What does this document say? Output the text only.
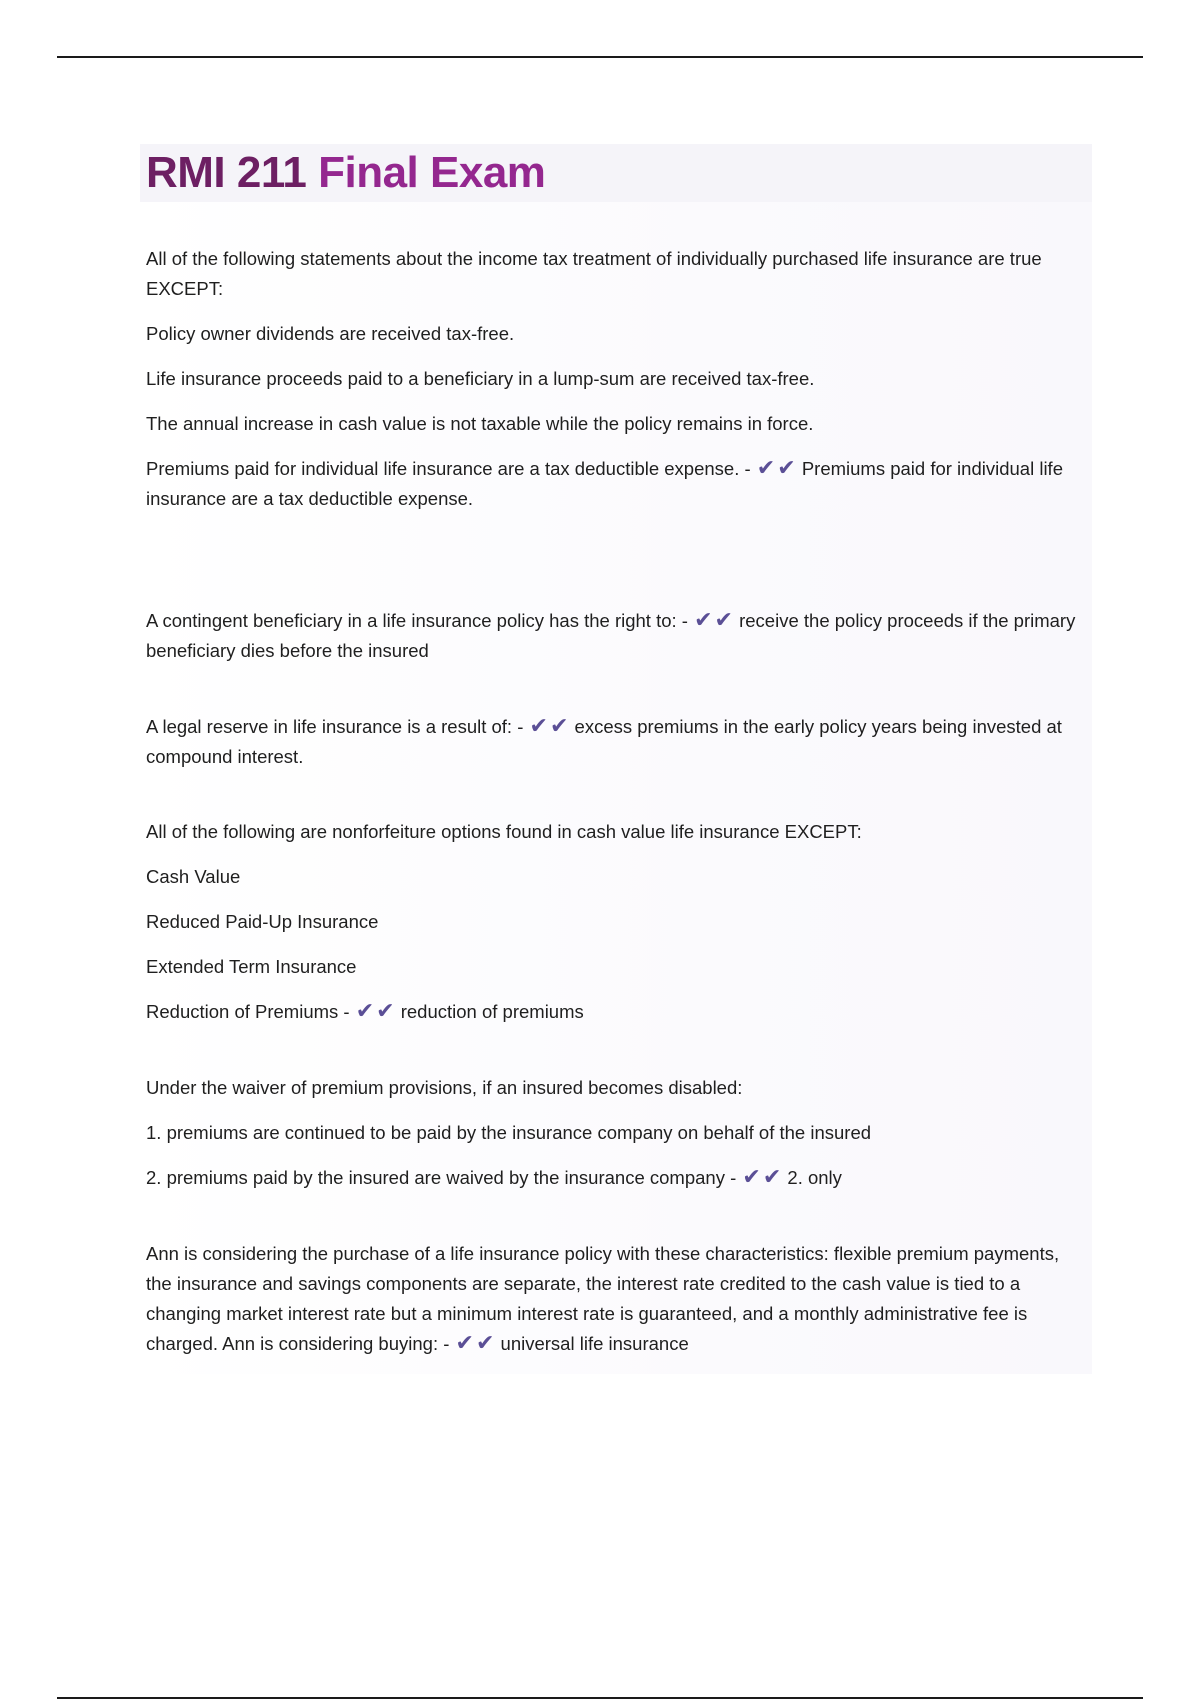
RMI 211 Final Exam

All of the following statements about the income tax treatment of individually purchased life insurance are true EXCEPT:

Policy owner dividends are received tax-free.

Life insurance proceeds paid to a beneficiary in a lump-sum are received tax-free.

The annual increase in cash value is not taxable while the policy remains in force.

Premiums paid for individual life insurance are a tax deductible expense. - ✔✔ Premiums paid for individual life insurance are a tax deductible expense.

A contingent beneficiary in a life insurance policy has the right to: - ✔✔ receive the policy proceeds if the primary beneficiary dies before the insured

A legal reserve in life insurance is a result of: - ✔✔ excess premiums in the early policy years being invested at compound interest.

All of the following are nonforfeiture options found in cash value life insurance EXCEPT:

Cash Value

Reduced Paid-Up Insurance

Extended Term Insurance

Reduction of Premiums - ✔✔ reduction of premiums

Under the waiver of premium provisions, if an insured becomes disabled:

1. premiums are continued to be paid by the insurance company on behalf of the insured

2. premiums paid by the insured are waived by the insurance company - ✔✔ 2. only

Ann is considering the purchase of a life insurance policy with these characteristics: flexible premium payments, the insurance and savings components are separate, the interest rate credited to the cash value is tied to a changing market interest rate but a minimum interest rate is guaranteed, and a monthly administrative fee is charged. Ann is considering buying: - ✔✔ universal life insurance
